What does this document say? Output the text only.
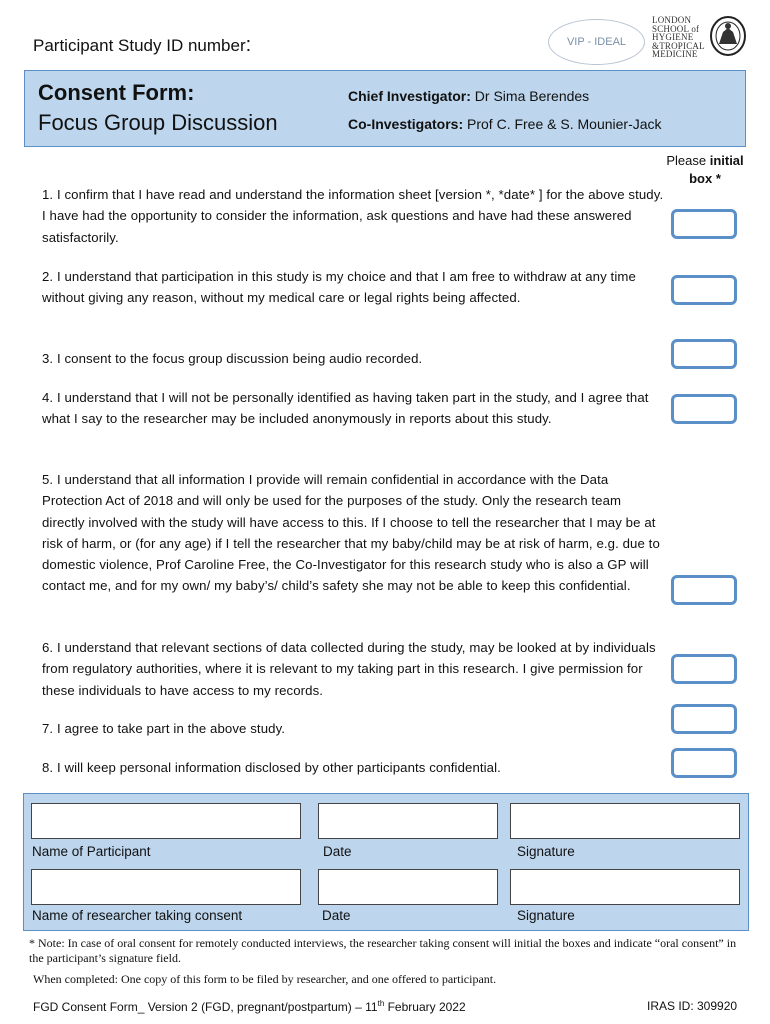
Participant Study ID number:	VIP - IDEAL
LONDON
SCHOOL of
HYGIENE
&TROPICAL
MEDICINE
Consent Form:
Focus Group Discussion
Chief Investigator: Dr Sima Berendes
Co-Investigators: Prof C. Free & S. Mounier-Jack
Please initial
box *
1. I confirm that I have read and understand the information sheet [version *, *date* ] for the above study. I have had the opportunity to consider the information, ask questions and have had these answered satisfactorily.
2. I understand that participation in this study is my choice and that I am free to withdraw at any time without giving any reason, without my medical care or legal rights being affected.
3. I consent to the focus group discussion being audio recorded.
4. I understand that I will not be personally identified as having taken part in the study, and I agree that what I say to the researcher may be included anonymously in reports about this study.
5. I understand that all information I provide will remain confidential in accordance with the Data Protection Act of 2018 and will only be used for the purposes of the study. Only the research team directly involved with the study will have access to this. If I choose to tell the researcher that I may be at risk of harm, or (for any age) if I tell the researcher that my baby/child may be at risk of harm, e.g. due to domestic violence, Prof Caroline Free, the Co-Investigator for this research study who is also a GP will contact me, and for my own/ my baby’s/ child’s safety she may not be able to keep this confidential.
6. I understand that relevant sections of data collected during the study, may be looked at by individuals from regulatory authorities, where it is relevant to my taking part in this research. I give permission for these individuals to have access to my records.
7. I agree to take part in the above study.
8. I will keep personal information disclosed by other participants confidential.
Name of Participant	Date	Signature
Name of researcher taking consent	Date	Signature
* Note: In case of oral consent for remotely conducted interviews, the researcher taking consent will initial the boxes and indicate “oral consent” in the participant’s signature field.
When completed: One copy of this form to be filed by researcher, and one offered to participant.
FGD Consent Form_ Version 2 (FGD, pregnant/postpartum) – 11th February 2022	IRAS ID: 309920
